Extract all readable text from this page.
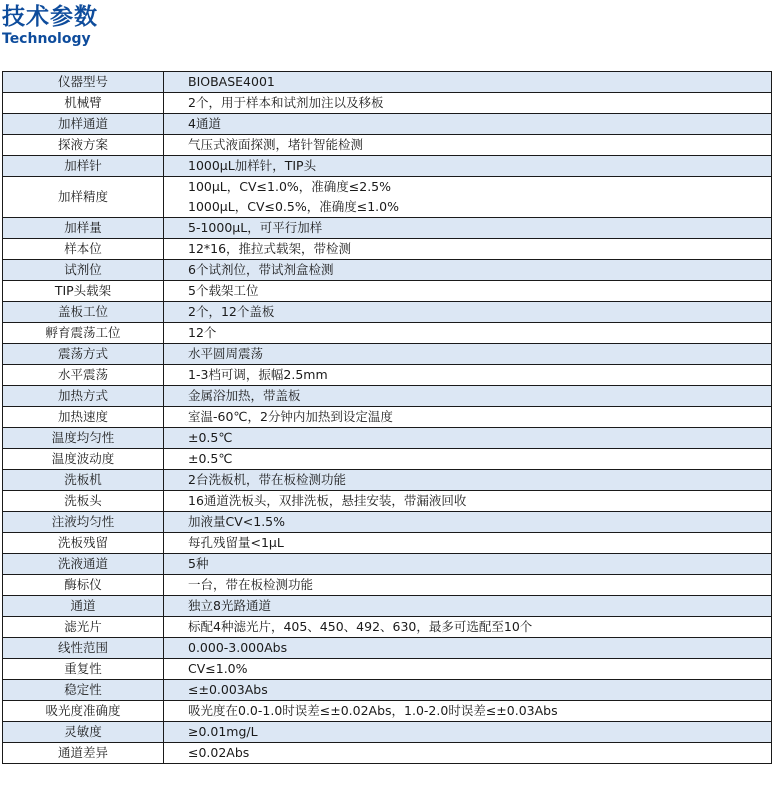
技术参数
Technology
仪器型号	BIOBASE4001

机械臂	2个，用于样本和试剂加注以及移板

加样通道	4通道

探液方案	气压式液面探测，堵针智能检测

加样针	1000μL加样针，TIP头

加样精度	100μL，CV≤1.0%，准确度≤2.5%
1000μL，CV≤0.5%，准确度≤1.0%

加样量	5-1000μL，可平行加样

样本位	12*16，推拉式载架，带检测

试剂位	6个试剂位，带试剂盒检测

TIP头载架	5个载架工位

盖板工位	2个，12个盖板

孵育震荡工位	12个

震荡方式	水平圆周震荡

水平震荡	1-3档可调，振幅2.5mm

加热方式	金属浴加热，带盖板

加热速度	室温-60℃，2分钟内加热到设定温度

温度均匀性	±0.5℃

温度波动度	±0.5℃

洗板机	2台洗板机，带在板检测功能

洗板头	16通道洗板头，双排洗板，悬挂安装，带漏液回收

注液均匀性	加液量CV<1.5%

洗板残留	每孔残留量<1μL

洗液通道	5种

酶标仪	一台，带在板检测功能

通道	独立8光路通道

滤光片	标配4种滤光片，405、450、492、630，最多可选配至10个

线性范围	0.000-3.000Abs

重复性	CV≤1.0%

稳定性	≤±0.003Abs

吸光度准确度	吸光度在0.0-1.0时误差≤±0.02Abs，1.0-2.0时误差≤±0.03Abs

灵敏度	≥0.01mg/L

通道差异	≤0.02Abs
